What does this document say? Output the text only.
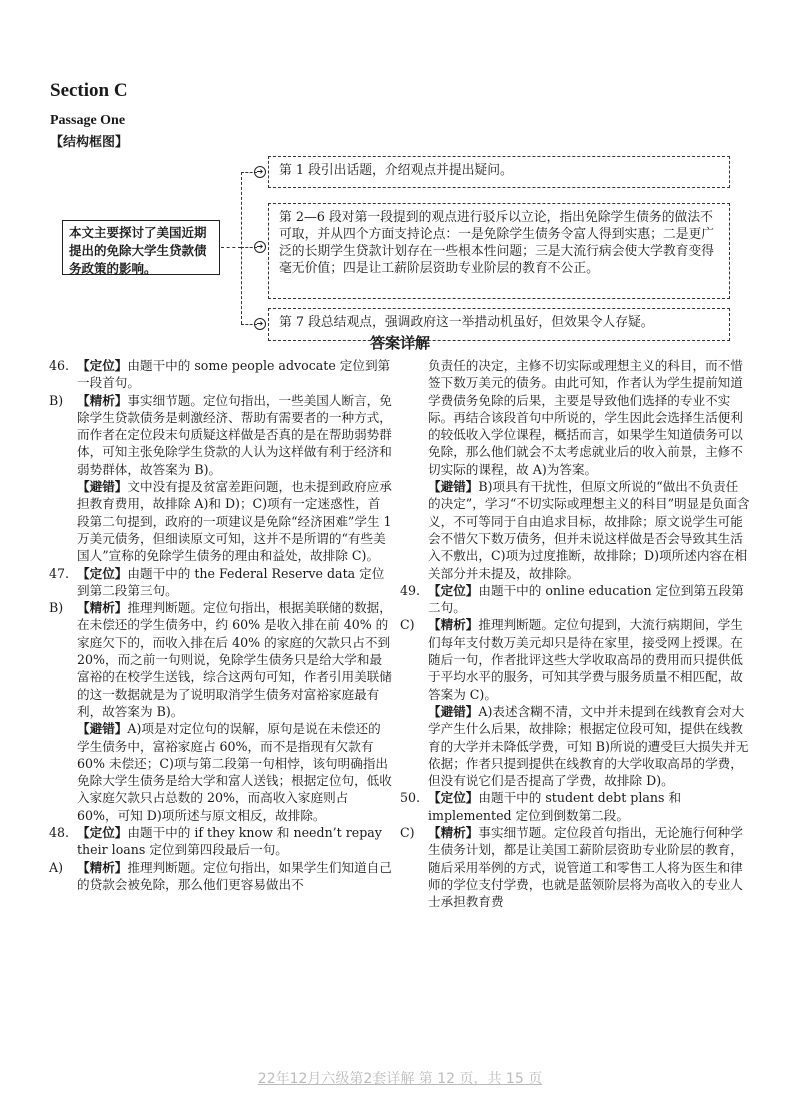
Section C
Passage One
【结构框图】
本文主要探讨了美国近期提出的免除大学生贷款债务政策的影响。
➔	第 1 段引出话题，介绍观点并提出疑问。
➔
第 2—6 段对第一段提到的观点进行驳斥以立论，指出免除学生债务的做法不可取，并从四个方面支持论点：一是免除学生债务令富人得到实惠；二是更广泛的长期学生贷款计划存在一些根本性问题；三是大流行病会使大学教育变得毫无价值；四是让工薪阶层资助专业阶层的教育不公正。
➔	第 7 段总结观点，强调政府这一举措动机虽好，但效果令人存疑。
答案详解
46. 【定位】由题干中的 some people advocate 定位到第一段首句。
B) 【精析】事实细节题。定位句指出，一些美国人断言，免除学生贷款债务是刺激经济、帮助有需要者的一种方式，而作者在定位段末句质疑这样做是否真的是在帮助弱势群体，可知主张免除学生贷款的人认为这样做有利于经济和弱势群体，故答案为 B)。
【避错】文中没有提及贫富差距问题，也未提到政府应承担教育费用，故排除 A)和 D)；C)项有一定迷惑性，首段第二句提到，政府的一项建议是免除“经济困难”学生 1 万美元债务，但细读原文可知，这并不是所谓的“有些美国人”宣称的免除学生债务的理由和益处，故排除 C)。
47. 【定位】由题干中的 the Federal Reserve data 定位到第二段第三句。
B) 【精析】推理判断题。定位句指出，根据美联储的数据，在未偿还的学生债务中，约 60% 是收入排在前 40% 的家庭欠下的，而收入排在后 40% 的家庭的欠款只占不到 20%，而之前一句则说，免除学生债务只是给大学和最富裕的在校学生送钱，综合这两句可知，作者引用美联储的这一数据就是为了说明取消学生债务对富裕家庭最有利，故答案为 B)。
【避错】A)项是对定位句的误解，原句是说在未偿还的学生债务中，富裕家庭占 60%，而不是指现有欠款有 60% 未偿还；C)项与第二段第一句相悖，该句明确指出免除大学生债务是给大学和富人送钱；根据定位句，低收入家庭欠款只占总数的 20%，而高收入家庭则占 60%，可知 D)项所述与原文相反，故排除。
48. 【定位】由题干中的 if they know 和 needn’t repay their loans 定位到第四段最后一句。
A) 【精析】推理判断题。定位句指出，如果学生们知道自己的贷款会被免除，那么他们更容易做出不
负责任的决定，主修不切实际或理想主义的科目，而不惜签下数万美元的债务。由此可知，作者认为学生提前知道学费债务免除的后果，主要是导致他们选择的专业不实际。再结合该段首句中所说的，学生因此会选择生活便利的较低收入学位课程，概括而言，如果学生知道债务可以免除，那么他们就会不太考虑就业后的收入前景，主修不切实际的课程，故 A)为答案。
【避错】B)项具有干扰性，但原文所说的“做出不负责任的决定”，学习“不切实际或理想主义的科目”明显是负面含义，不可等同于自由追求目标，故排除；原文说学生可能会不惜欠下数万债务，但并未说这样做是否会导致其生活入不敷出，C)项为过度推断，故排除；D)项所述内容在相关部分并未提及，故排除。
49. 【定位】由题干中的 online education 定位到第五段第二句。
C) 【精析】推理判断题。定位句提到，大流行病期间，学生们每年支付数万美元却只是待在家里，接受网上授课。在随后一句，作者批评这些大学收取高昂的费用而只提供低于平均水平的服务，可知其学费与服务质量不相匹配，故答案为 C)。
【避错】A)表述含糊不清，文中并未提到在线教育会对大学产生什么后果，故排除；根据定位段可知，提供在线教育的大学并未降低学费，可知 B)所说的遭受巨大损失并无依据；作者只提到提供在线教育的大学收取高昂的学费，但没有说它们是否提高了学费，故排除 D)。
50. 【定位】由题干中的 student debt plans 和 implemented 定位到倒数第二段。
C) 【精析】事实细节题。定位段首句指出，无论施行何种学生债务计划，都是让美国工薪阶层资助专业阶层的教育，随后采用举例的方式，说管道工和零售工人将为医生和律师的学位支付学费，也就是蓝领阶层将为高收入的专业人士承担教育费
22年12月六级第2套详解 第 12 页，共 15 页
